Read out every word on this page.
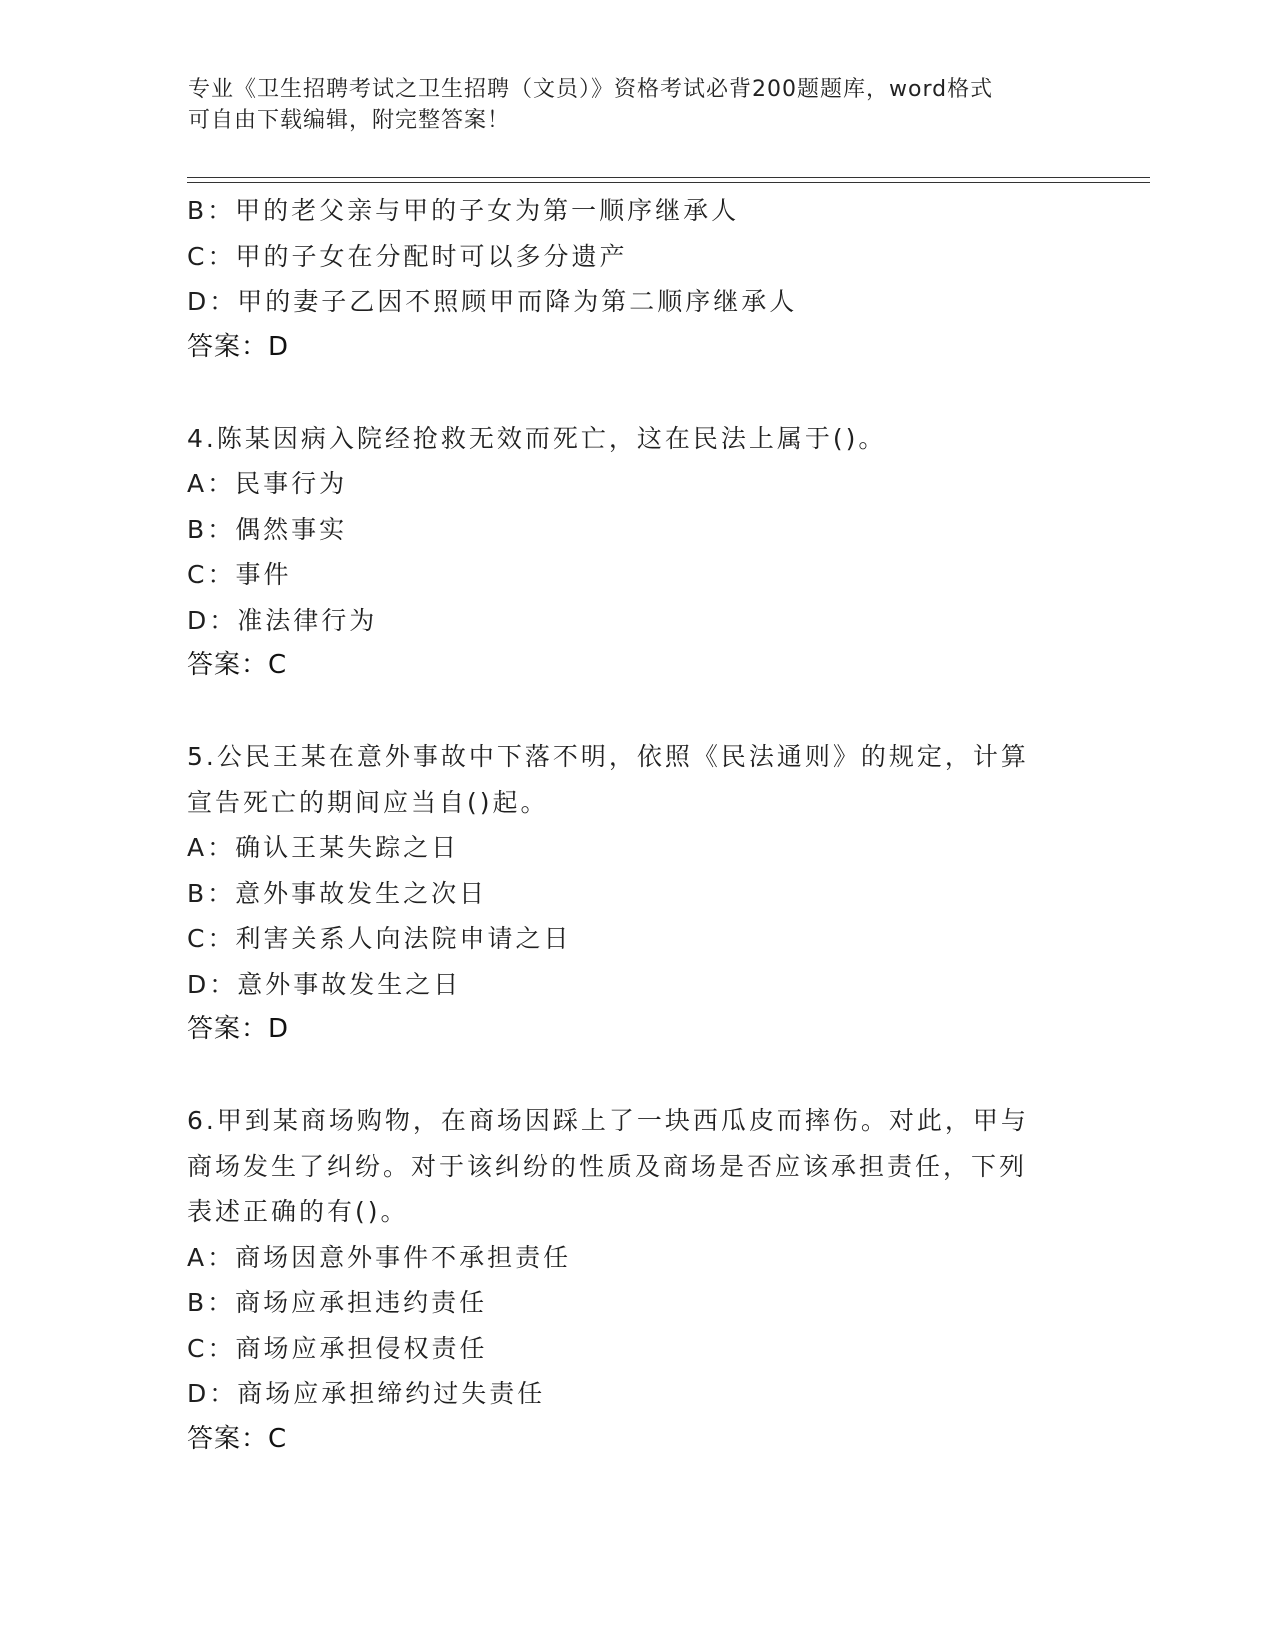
专业《卫生招聘考试之卫生招聘（文员）》资格考试必背200题题库，word格式
可自由下载编辑，附完整答案！
B：甲的老父亲与甲的子女为第一顺序继承人
C：甲的子女在分配时可以多分遗产
D：甲的妻子乙因不照顾甲而降为第二顺序继承人
答案：D
4.陈某因病入院经抢救无效而死亡，这在民法上属于()。
A：民事行为
B：偶然事实
C：事件
D：准法律行为
答案：C
5.公民王某在意外事故中下落不明，依照《民法通则》的规定，计算
宣告死亡的期间应当自()起。
A：确认王某失踪之日
B：意外事故发生之次日
C：利害关系人向法院申请之日
D：意外事故发生之日
答案：D
6.甲到某商场购物，在商场因踩上了一块西瓜皮而摔伤。对此，甲与
商场发生了纠纷。对于该纠纷的性质及商场是否应该承担责任，下列
表述正确的有()。
A：商场因意外事件不承担责任
B：商场应承担违约责任
C：商场应承担侵权责任
D：商场应承担缔约过失责任
答案：C
